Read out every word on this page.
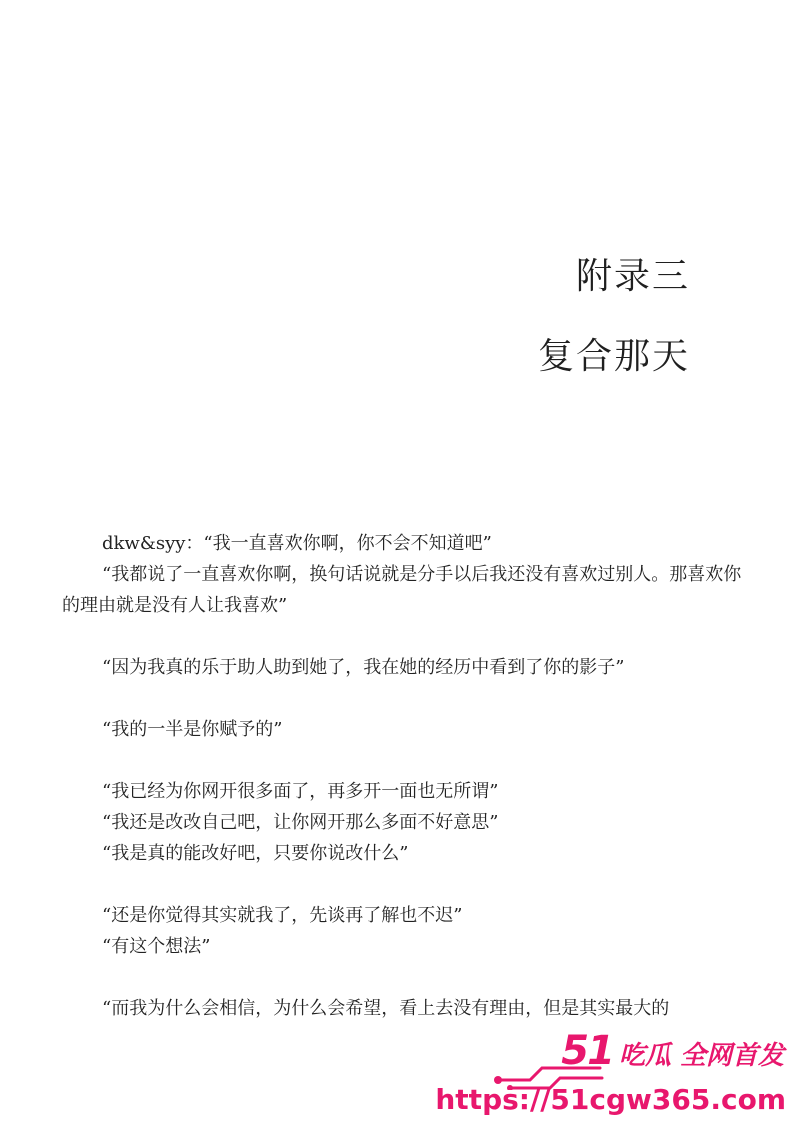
附录三
复合那天

dkw&syy：“我一直喜欢你啊，你不会不知道吧”

“我都说了一直喜欢你啊，换句话说就是分手以后我还没有喜欢过别人。那喜欢你的理由就是没有人让我喜欢”

“因为我真的乐于助人助到她了，我在她的经历中看到了你的影子”

“我的一半是你赋予的”

“我已经为你网开很多面了，再多开一面也无所谓”

“我还是改改自己吧，让你网开那么多面不好意思”

“我是真的能改好吧，只要你说改什么”

“还是你觉得其实就我了，先谈再了解也不迟”

“有这个想法”

“而我为什么会相信，为什么会希望，看上去没有理由，但是其实最大的

51 吃瓜 全网首发
https://51cgw365.com
